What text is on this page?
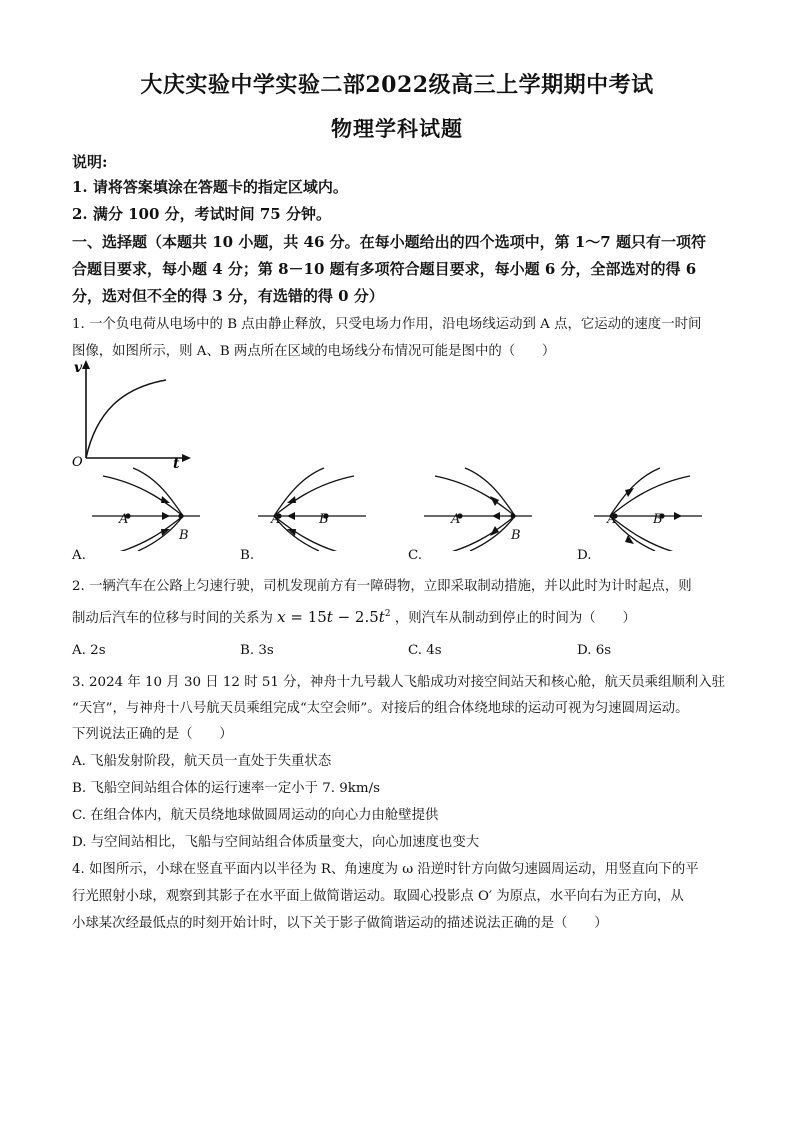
大庆实验中学实验二部2022级高三上学期期中考试
物理学科试题
说明:
1. 请将答案填涂在答题卡的指定区域内。
2. 满分 100 分，考试时间 75 分钟。
一、选择题（本题共 10 小题，共 46 分。在每小题给出的四个选项中，第 1～7 题只有一项符
合题目要求，每小题 4 分；第 8－10 题有多项符合题目要求，每小题 6 分，全部选对的得 6
分，选对但不全的得 3 分，有选错的得 0 分）
1. 一个负电荷从电场中的 B 点由静止释放，只受电场力作用，沿电场线运动到 A 点，它运动的速度一时间
图像，如图所示，则 A、B 两点所在区域的电场线分布情况可能是图中的（　　）
v
t
O
A
B
A	B	A
B
A	B
A.	B.	C.	D.
2. 一辆汽车在公路上匀速行驶，司机发现前方有一障碍物，立即采取制动措施，并以此时为计时起点，则
制动后汽车的位移与时间的关系为 $x = 15t - 2.5t^2$ ，则汽车从制动到停止的时间为（　　）
A. 2s	B. 3s	C. 4s	D. 6s
3. 2024 年 10 月 30 日 12 时 51 分，神舟十九号载人飞船成功对接空间站天和核心舱，航天员乘组顺利入驻
“天宫”，与神舟十八号航天员乘组完成“太空会师”。对接后的组合体绕地球的运动可视为匀速圆周运动。
下列说法正确的是（　　）
A. 飞船发射阶段，航天员一直处于失重状态
B. 飞船空间站组合体的运行速率一定小于 7. 9km/s
C. 在组合体内，航天员绕地球做圆周运动的向心力由舱壁提供
D. 与空间站相比，飞船与空间站组合体质量变大，向心加速度也变大
4. 如图所示，小球在竖直平面内以半径为 R、角速度为 ω 沿逆时针方向做匀速圆周运动，用竖直向下的平
行光照射小球，观察到其影子在水平面上做简谐运动。取圆心投影点 O′ 为原点，水平向右为正方向，从
小球某次经最低点的时刻开始计时，以下关于影子做简谐运动的描述说法正确的是（　　）
